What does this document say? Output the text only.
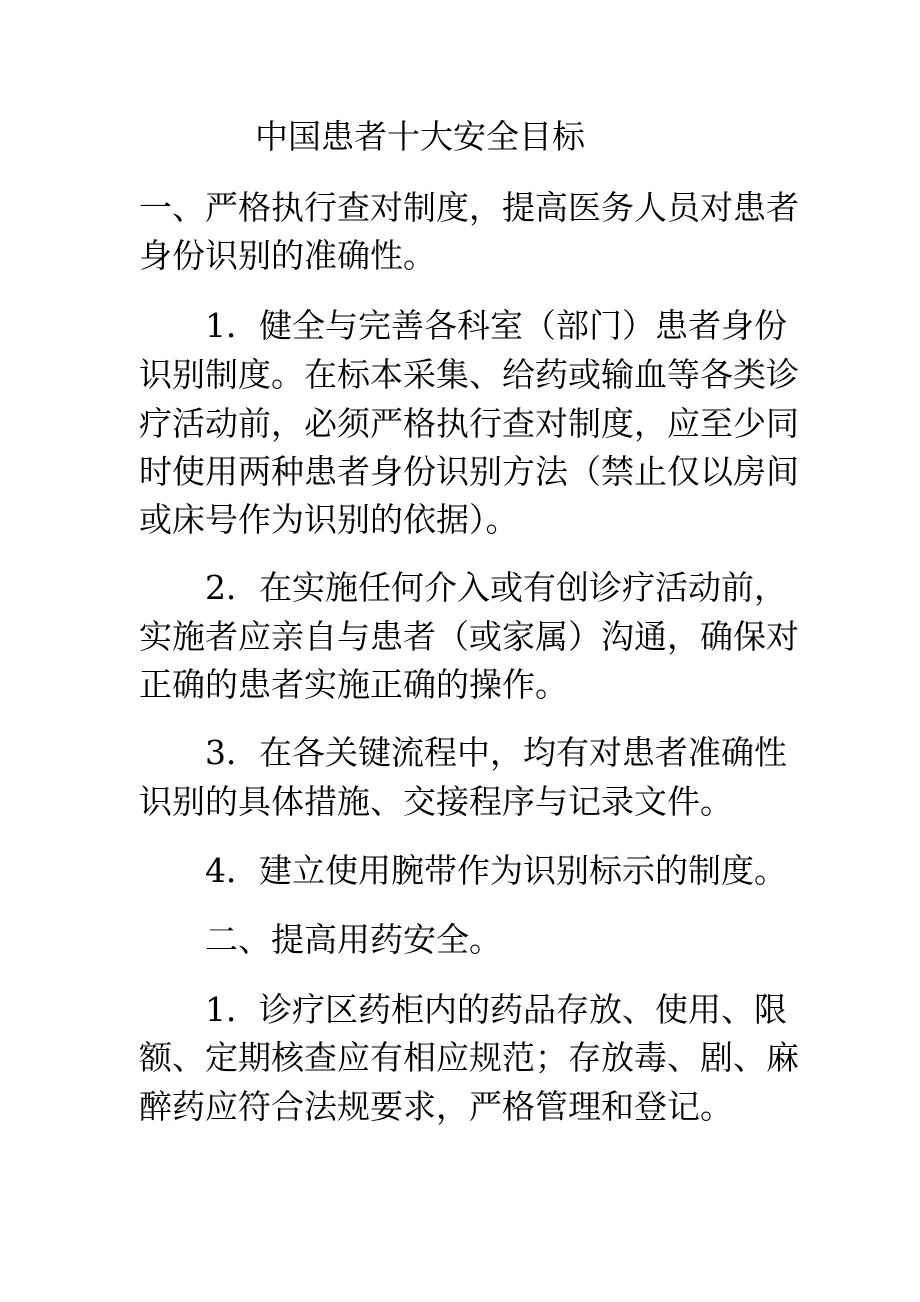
中国患者十大安全目标
一、严格执行查对制度，提高医务人员对患者
身份识别的准确性。
1．健全与完善各科室（部门）患者身份
识别制度。在标本采集、给药或输血等各类诊
疗活动前，必须严格执行查对制度，应至少同
时使用两种患者身份识别方法（禁止仅以房间
或床号作为识别的依据）。
2．在实施任何介入或有创诊疗活动前，
实施者应亲自与患者（或家属）沟通，确保对
正确的患者实施正确的操作。
3．在各关键流程中，均有对患者准确性
识别的具体措施、交接程序与记录文件。
4．建立使用腕带作为识别标示的制度。
二、提高用药安全。
1．诊疗区药柜内的药品存放、使用、限
额、定期核查应有相应规范；存放毒、剧、麻
醉药应符合法规要求，严格管理和登记。
